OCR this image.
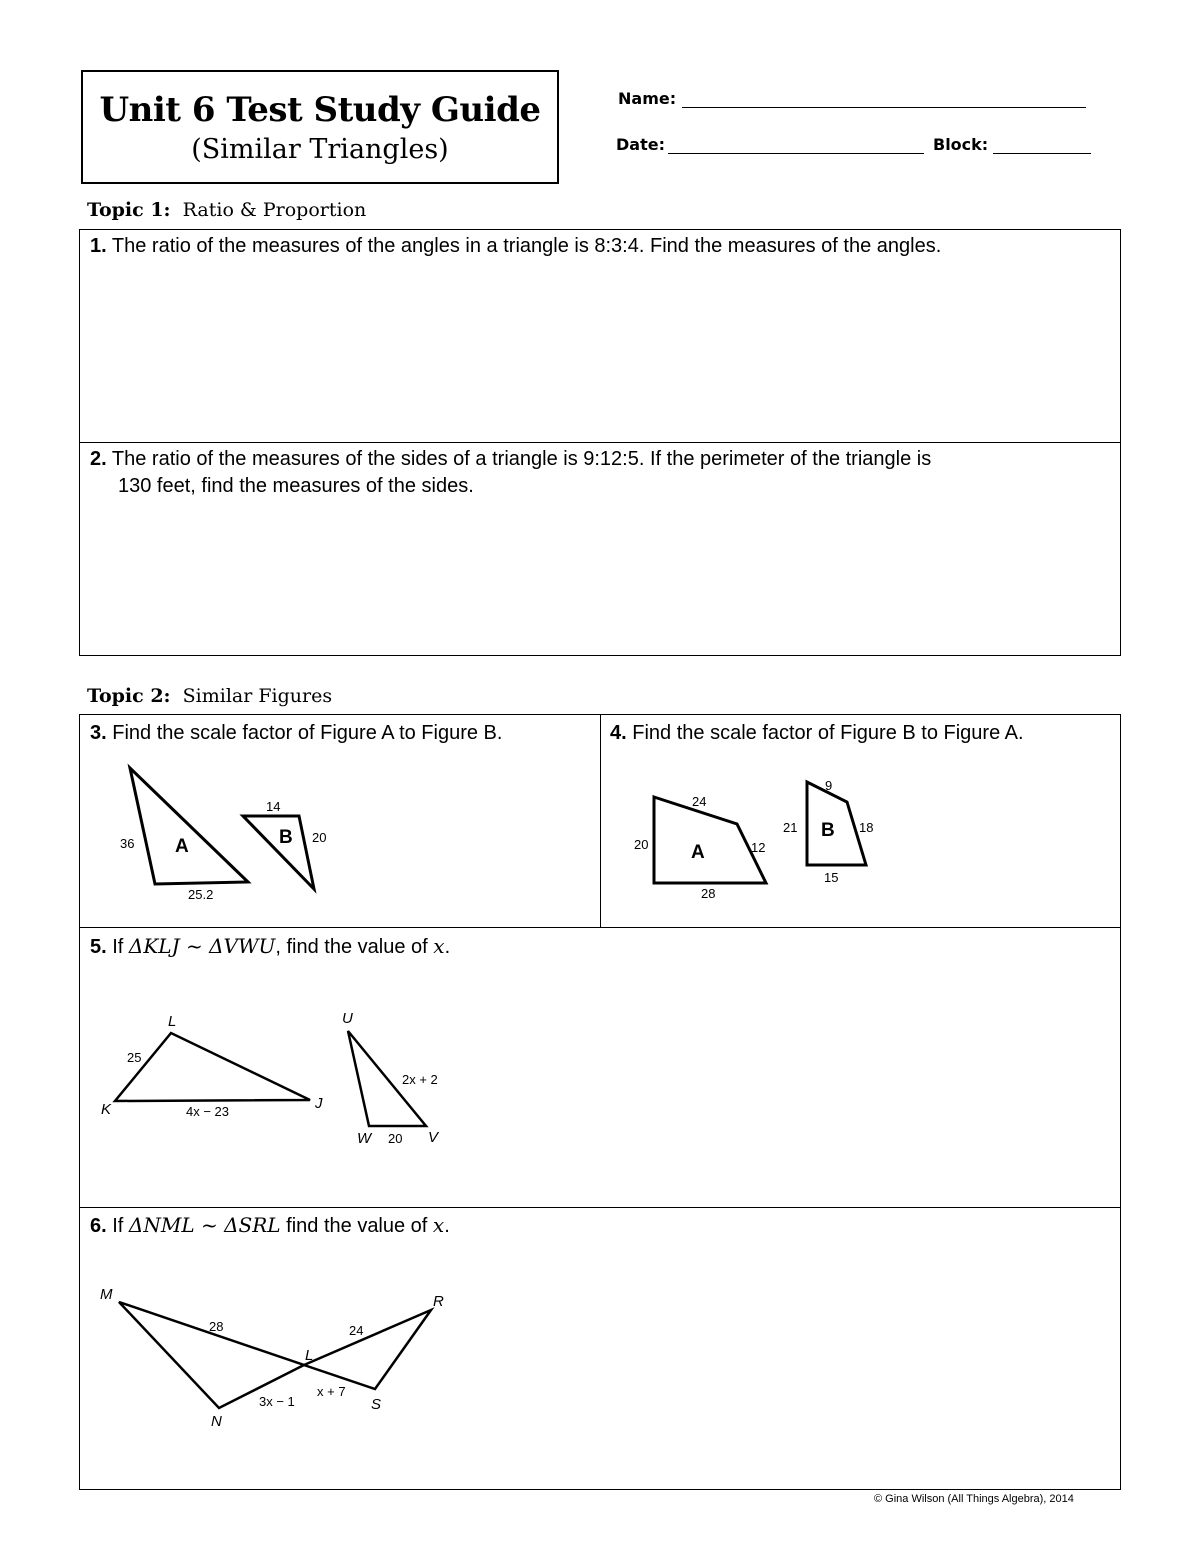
Unit 6 Test Study Guide
(Similar Triangles)
Name:
Date:	Block:
Topic 1: Ratio & Proportion
1. The ratio of the measures of the angles in a triangle is 8:3:4. Find the measures of the angles.
2. The ratio of the measures of the sides of a triangle is 9:12:5. If the perimeter of the triangle is
130 feet, find the measures of the sides.
Topic 2: Similar Figures
3. Find the scale factor of Figure A to Figure B.	4. Find the scale factor of Figure B to Figure A.
5. If ΔKLJ ~ ΔVWU, find the value of x.
6. If ΔNML ~ ΔSRL find the value of x.
A
36
25.2
B
14
20
A
24
20	12
28
B
9
21	18
15
L
K	J
25
4x − 23
U
W	V
2x + 2
20
M	R
L
N
S
28	24
3x − 1
x + 7
© Gina Wilson (All Things Algebra), 2014
